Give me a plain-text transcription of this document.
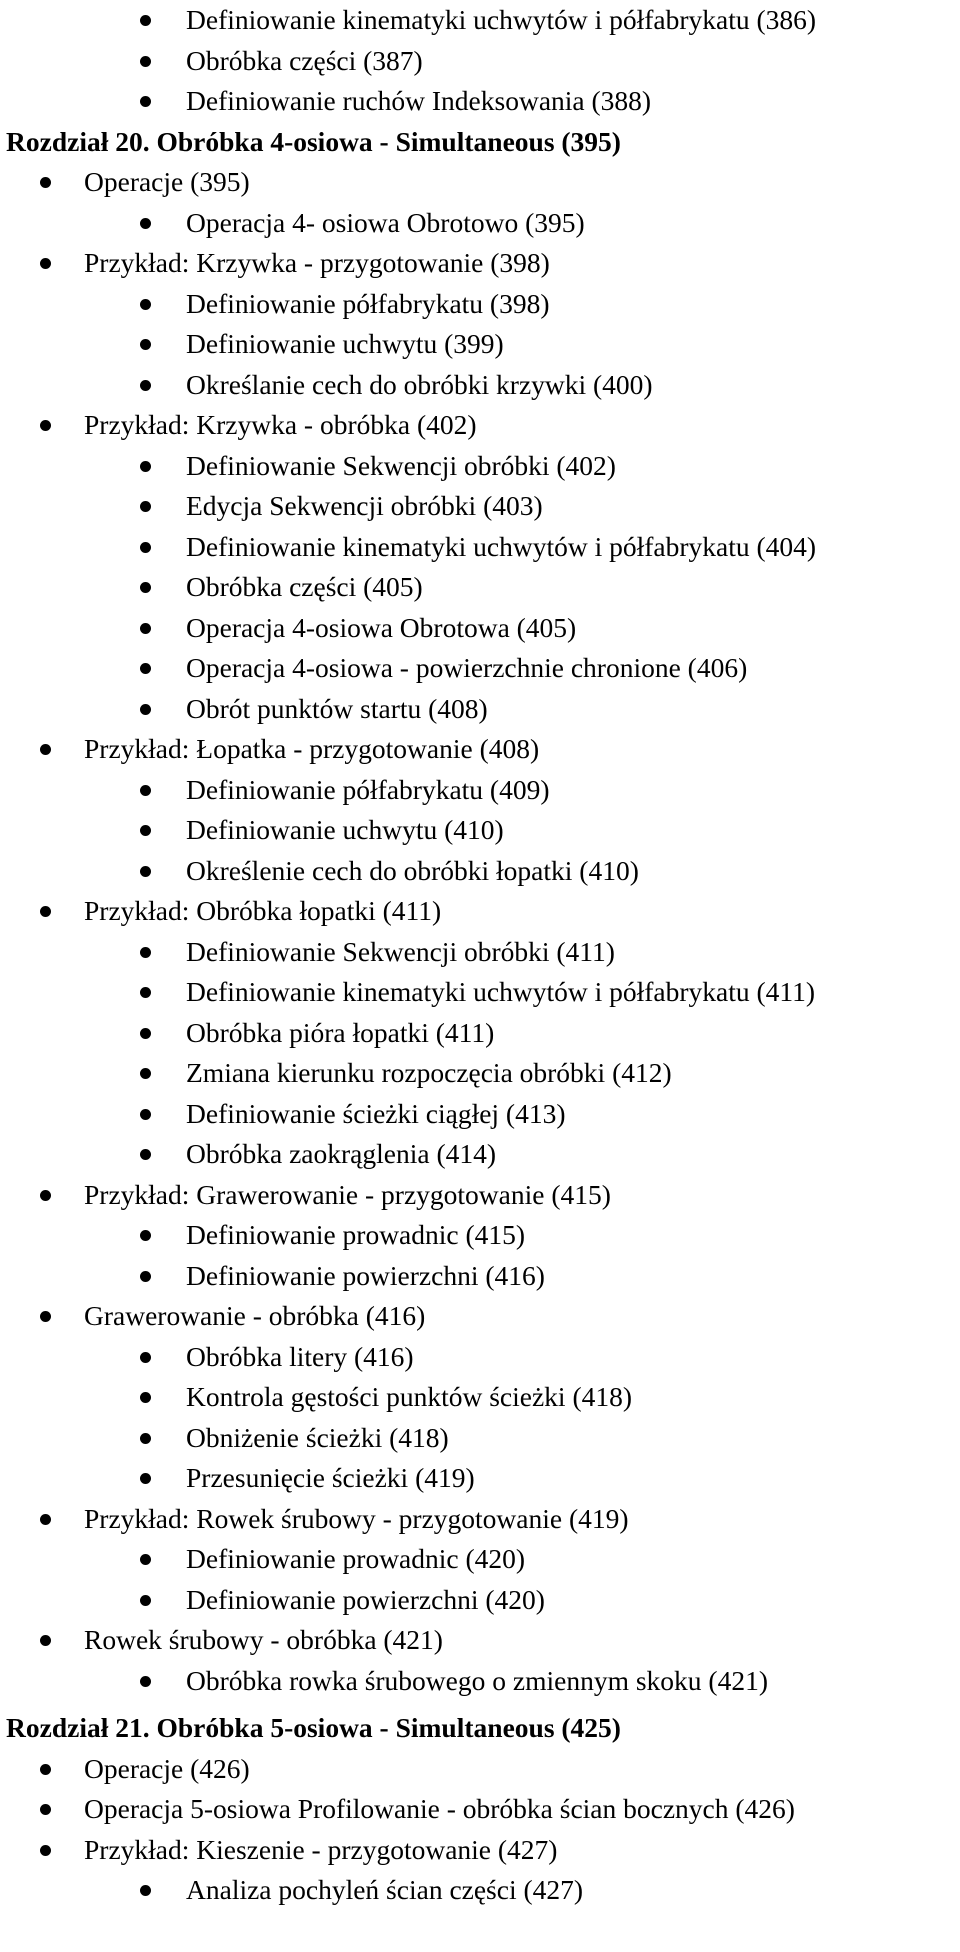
Definiowanie kinematyki uchwytów i półfabrykatu (386)
Obróbka części (387)
Definiowanie ruchów Indeksowania (388)
Rozdział 20. Obróbka 4-osiowa - Simultaneous (395)
Operacje (395)
Operacja 4- osiowa Obrotowo (395)
Przykład: Krzywka - przygotowanie (398)
Definiowanie półfabrykatu (398)
Definiowanie uchwytu (399)
Określanie cech do obróbki krzywki (400)
Przykład: Krzywka - obróbka (402)
Definiowanie Sekwencji obróbki (402)
Edycja Sekwencji obróbki (403)
Definiowanie kinematyki uchwytów i półfabrykatu (404)
Obróbka części (405)
Operacja 4-osiowa Obrotowa (405)
Operacja 4-osiowa - powierzchnie chronione (406)
Obrót punktów startu (408)
Przykład: Łopatka - przygotowanie (408)
Definiowanie półfabrykatu (409)
Definiowanie uchwytu (410)
Określenie cech do obróbki łopatki (410)
Przykład: Obróbka łopatki (411)
Definiowanie Sekwencji obróbki (411)
Definiowanie kinematyki uchwytów i półfabrykatu (411)
Obróbka pióra łopatki (411)
Zmiana kierunku rozpoczęcia obróbki (412)
Definiowanie ścieżki ciągłej (413)
Obróbka zaokrąglenia (414)
Przykład: Grawerowanie - przygotowanie (415)
Definiowanie prowadnic (415)
Definiowanie powierzchni (416)
Grawerowanie - obróbka (416)
Obróbka litery (416)
Kontrola gęstości punktów ścieżki (418)
Obniżenie ścieżki (418)
Przesunięcie ścieżki (419)
Przykład: Rowek śrubowy - przygotowanie (419)
Definiowanie prowadnic (420)
Definiowanie powierzchni (420)
Rowek śrubowy - obróbka (421)
Obróbka rowka śrubowego o zmiennym skoku (421)
Rozdział 21. Obróbka 5-osiowa - Simultaneous (425)
Operacje (426)
Operacja 5-osiowa Profilowanie - obróbka ścian bocznych (426)
Przykład: Kieszenie - przygotowanie (427)
Analiza pochyleń ścian części (427)
